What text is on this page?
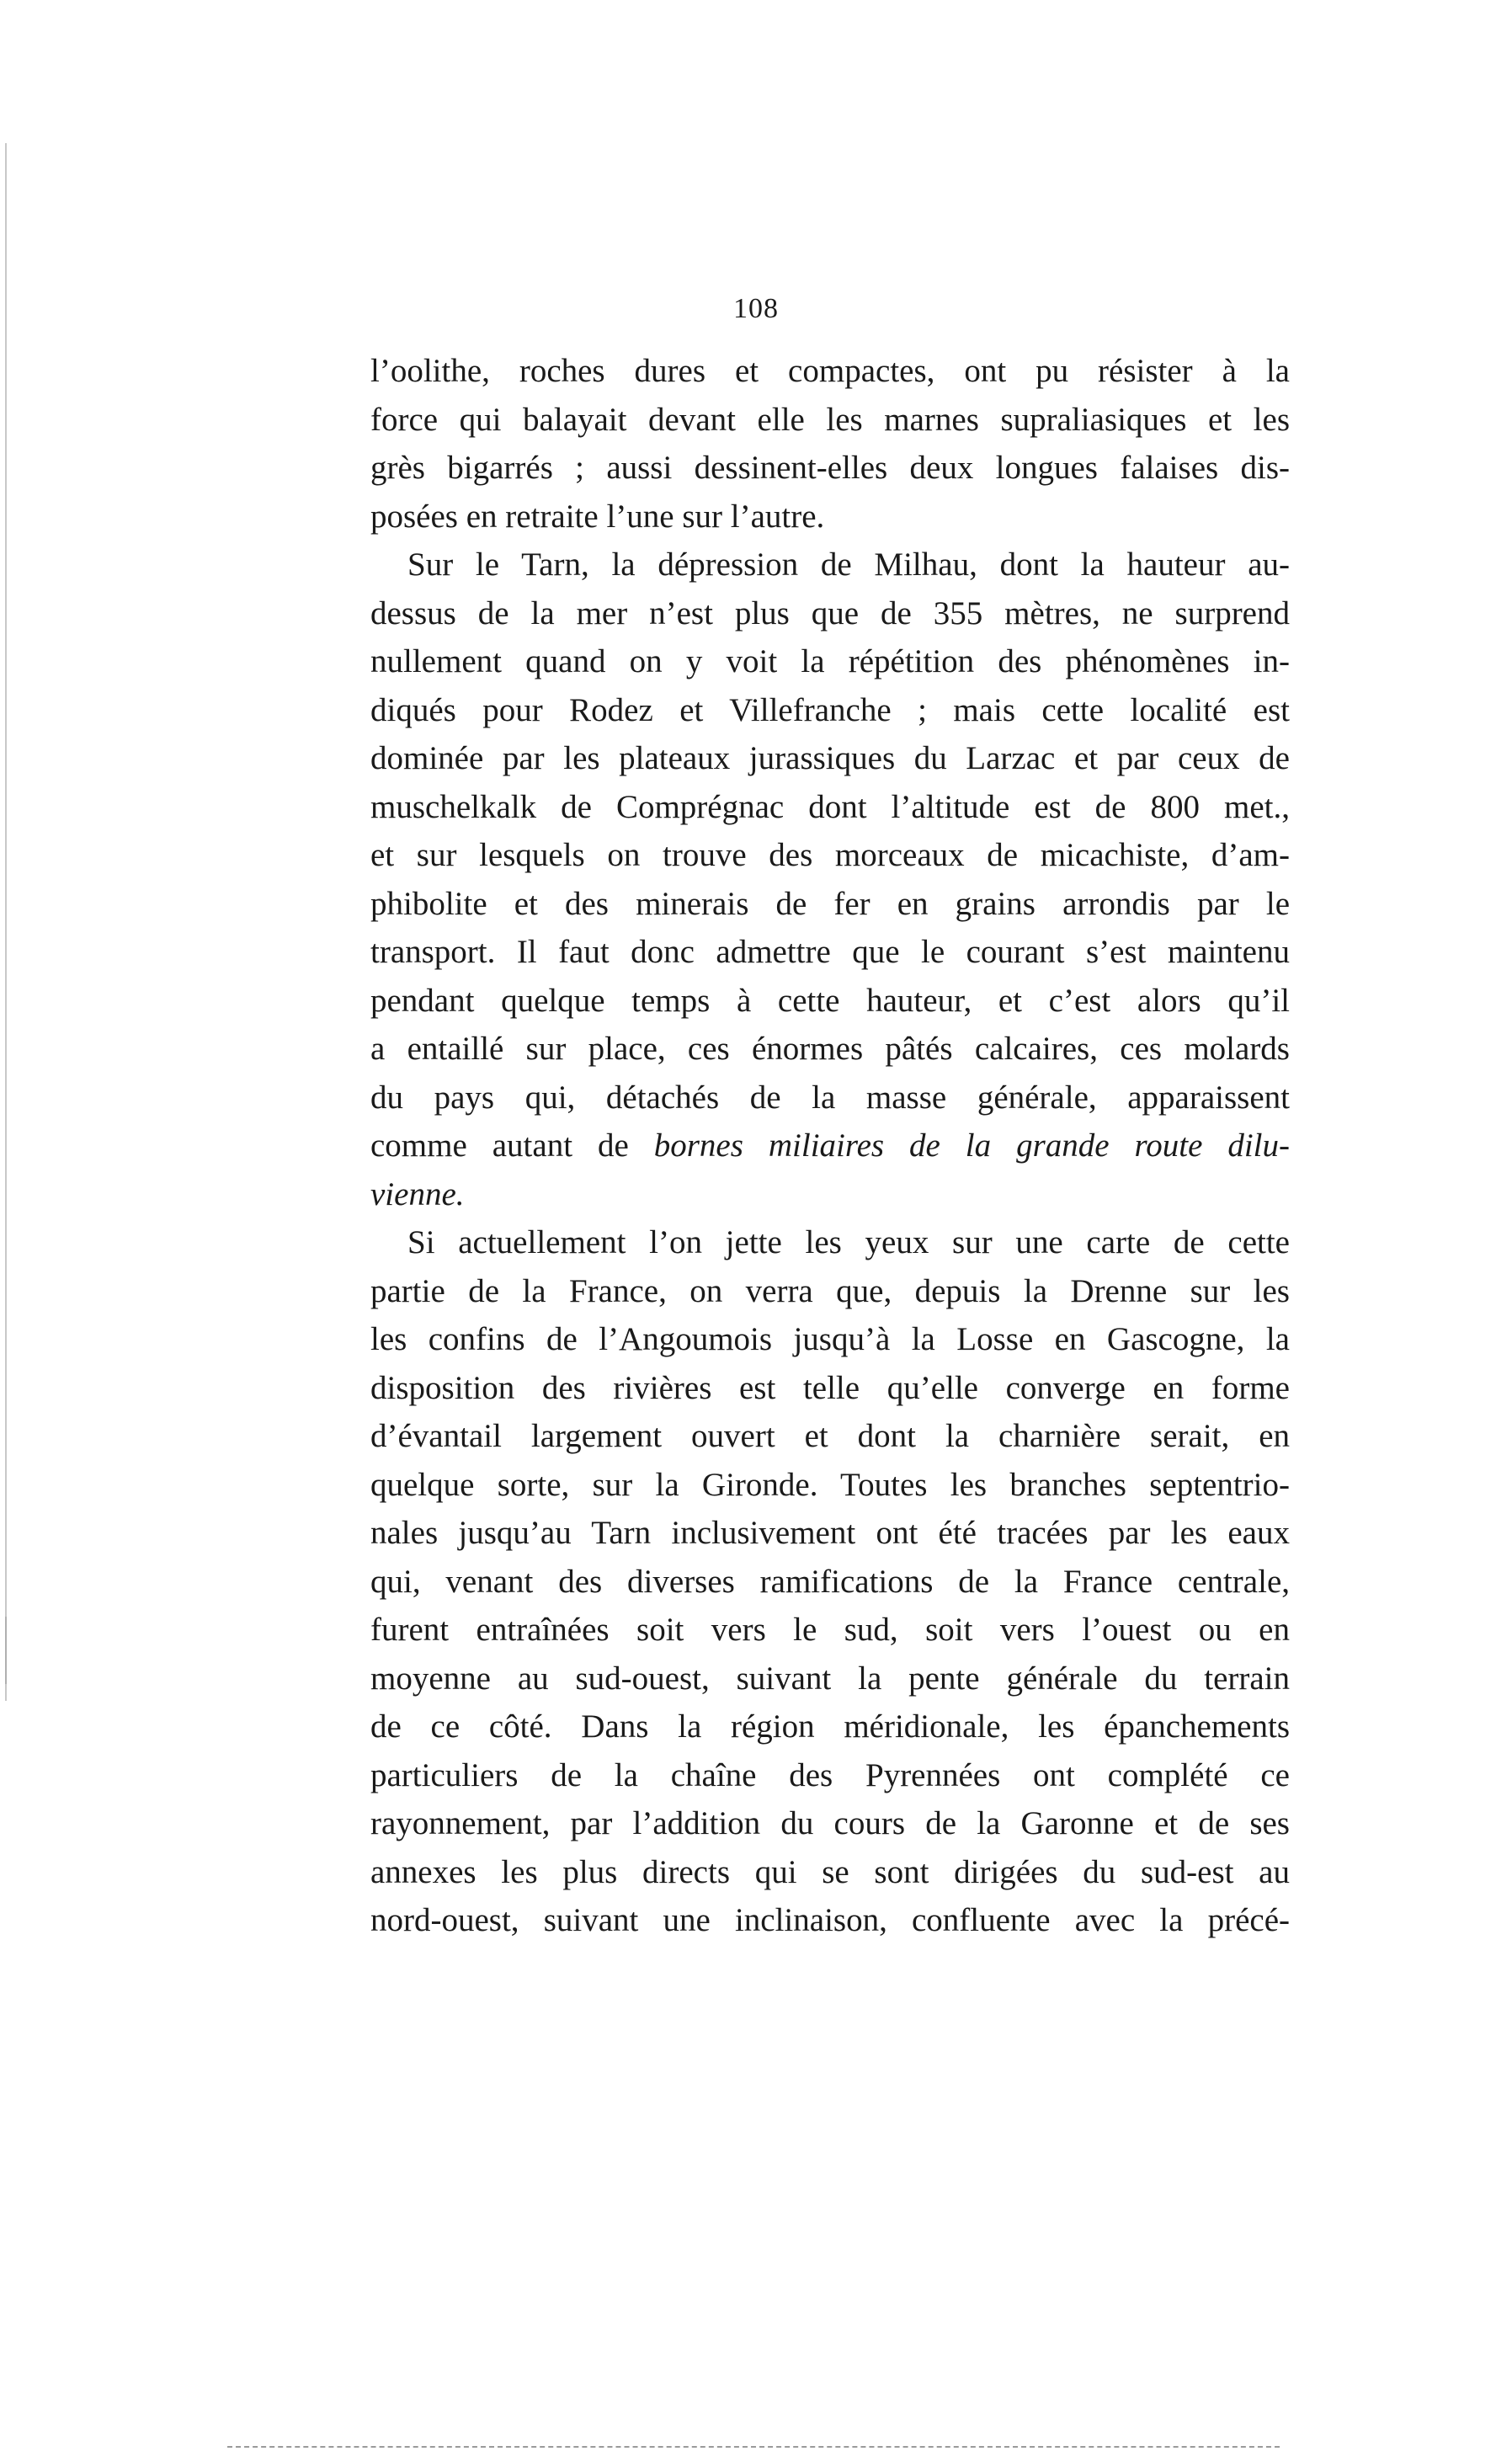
108
l’oolithe, roches dures et compactes, ont pu résister à la
force qui balayait devant elle les marnes supraliasiques et les
grès bigarrés ; aussi dessinent-elles deux longues falaises dis-
posées en retraite l’une sur l’autre.
Sur le Tarn, la dépression de Milhau, dont la hauteur au-
dessus de la mer n’est plus que de 355 mètres, ne surprend
nullement quand on y voit la répétition des phénomènes in-
diqués pour Rodez et Villefranche ; mais cette localité est
dominée par les plateaux jurassiques du Larzac et par ceux de
muschelkalk de Comprégnac dont l’altitude est de 800 met.,
et sur lesquels on trouve des morceaux de micachiste, d’am-
phibolite et des minerais de fer en grains arrondis par le
transport. Il faut donc admettre que le courant s’est maintenu
pendant quelque temps à cette hauteur, et c’est alors qu’il
a entaillé sur place, ces énormes pâtés calcaires, ces molards
du pays qui, détachés de la masse générale, apparaissent
comme autant de bornes miliaires de la grande route dilu-
vienne.
Si actuellement l’on jette les yeux sur une carte de cette
partie de la France, on verra que, depuis la Drenne sur les
les confins de l’Angoumois jusqu’à la Losse en Gascogne, la
disposition des rivières est telle qu’elle converge en forme
d’évantail largement ouvert et dont la charnière serait, en
quelque sorte, sur la Gironde. Toutes les branches septentrio-
nales jusqu’au Tarn inclusivement ont été tracées par les eaux
qui, venant des diverses ramifications de la France centrale,
furent entraînées soit vers le sud, soit vers l’ouest ou en
moyenne au sud-ouest, suivant la pente générale du terrain
de ce côté. Dans la région méridionale, les épanchements
particuliers de la chaîne des Pyrennées ont complété ce
rayonnement, par l’addition du cours de la Garonne et de ses
annexes les plus directs qui se sont dirigées du sud-est au
nord-ouest, suivant une inclinaison, confluente avec la précé-
